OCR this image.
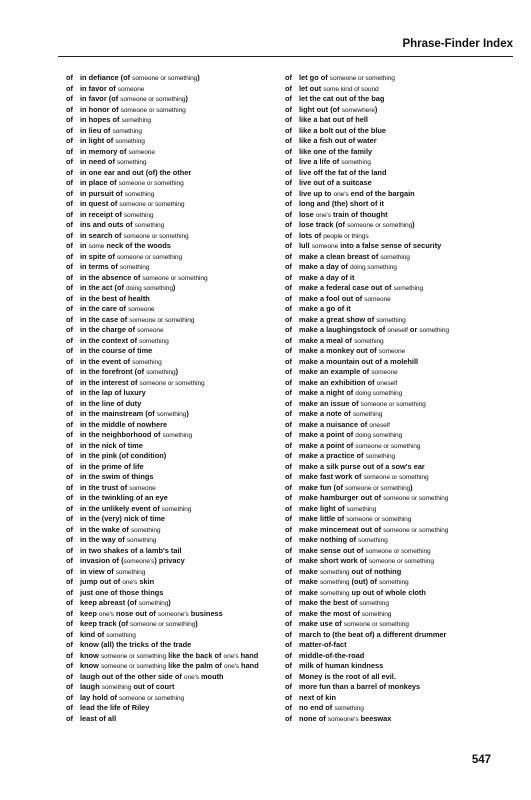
Phrase-Finder Index
of in defiance (of someone or something)
of in favor of someone
of in favor (of someone or something)
of in honor of someone or something
of in hopes of something
of in lieu of something
of in light of something
of in memory of someone
of in need of something
of in one ear and out (of) the other
of in place of someone or something
of in pursuit of something
of in quest of someone or something
of in receipt of something
of ins and outs of something
of in search of someone or something
of in some neck of the woods
of in spite of someone or something
of in terms of something
of in the absence of someone or something
of in the act (of doing something)
of in the best of health
of in the care of someone
of in the case of someone or something
of in the charge of someone
of in the context of something
of in the course of time
of in the event of something
of in the forefront (of something)
of in the interest of someone or something
of in the lap of luxury
of in the line of duty
of in the mainstream (of something)
of in the middle of nowhere
of in the neighborhood of something
of in the nick of time
of in the pink (of condition)
of in the prime of life
of in the swim of things
of in the trust of someone
of in the twinkling of an eye
of in the unlikely event of something
of in the (very) nick of time
of in the wake of something
of in the way of something
of in two shakes of a lamb's tail
of invasion of (someone's) privacy
of in view of something
of jump out of one's skin
of just one of those things
of keep abreast (of something)
of keep one's nose out of someone's business
of keep track (of someone or something)
of kind of something
of know (all) the tricks of the trade
of know someone or something like the back of one's hand
of know someone or something like the palm of one's hand
of laugh out of the other side of one's mouth
of laugh something out of court
of lay hold of someone or something
of lead the life of Riley
of least of all
of let go of someone or something
of let out some kind of sound
of let the cat out of the bag
of light out (of somewhere)
of like a bat out of hell
of like a bolt out of the blue
of like a fish out of water
of like one of the family
of live a life of something
of live off the fat of the land
of live out of a suitcase
of live up to one's end of the bargain
of long and (the) short of it
of lose one's train of thought
of lose track (of someone or something)
of lots of people or things
of lull someone into a false sense of security
of make a clean breast of something
of make a day of doing something
of make a day of it
of make a federal case out of something
of make a fool out of someone
of make a go of it
of make a great show of something
of make a laughingstock of oneself or something
of make a meal of something
of make a monkey out of someone
of make a mountain out of a molehill
of make an example of someone
of make an exhibition of oneself
of make a night of doing something
of make an issue of someone or something
of make a note of something
of make a nuisance of oneself
of make a point of doing something
of make a point of someone or something
of make a practice of something
of make a silk purse out of a sow's ear
of make fast work of someone or something
of make fun (of someone or something)
of make hamburger out of someone or something
of make light of something
of make little of someone or something
of make mincemeat out of someone or something
of make nothing of something
of make sense out of someone or something
of make short work of someone or something
of make something out of nothing
of make something (out) of something
of make something up out of whole cloth
of make the best of something
of make the most of something
of make use of someone or something
of march to (the beat of) a different drummer
of matter-of-fact
of middle-of-the-road
of milk of human kindness
of Money is the root of all evil.
of more fun than a barrel of monkeys
of next of kin
of no end of something
of none of someone's beeswax
547
